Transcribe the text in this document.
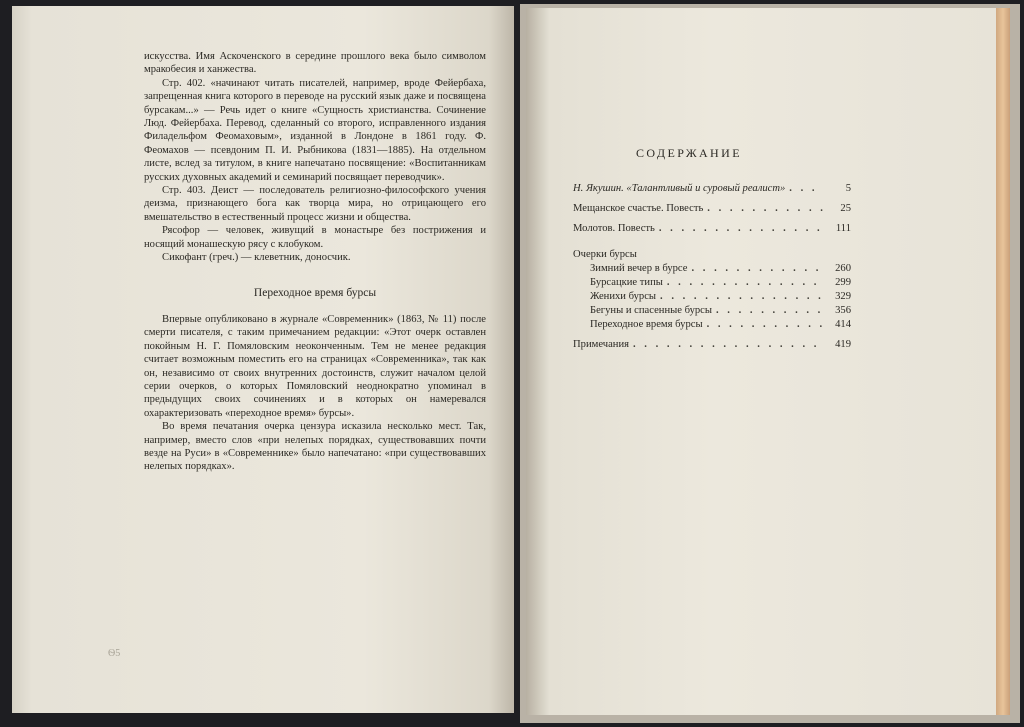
искусства. Имя Аскоченского в середине прошлого века было символом мракобесия и ханжества.

Стр. 402. «начинают читать писателей, например, вроде Фейербаха, запрещенная книга которого в переводе на русский язык даже и посвящена бурсакам...» — Речь идет о книге «Сущность христианства. Сочинение Люд. Фейербаха. Перевод, сделанный со второго, исправленного издания Филадельфом Феомаховым», изданной в Лондоне в 1861 году. Ф. Феомахов — псевдоним П. И. Рыбникова (1831—1885). На отдельном листе, вслед за титулом, в книге напечатано посвящение: «Воспитанникам русских духовных академий и семинарий посвящает переводчик».

Стр. 403. Деист — последователь религиозно-философского учения деизма, признающего бога как творца мира, но отрицающего его вмешательство в естественный процесс жизни и общества.

Рясофор — человек, живущий в монастыре без пострижения и носящий монашескую рясу с клобуком.

Сикофант (греч.) — клеветник, доносчик.

Переходное время бурсы

Впервые опубликовано в журнале «Современник» (1863, № 11) после смерти писателя, с таким примечанием редакции: «Этот очерк оставлен покойным Н. Г. Помяловским неоконченным. Тем не менее редакция считает возможным поместить его на страницах «Современника», так как он, независимо от своих внутренних достоинств, служит началом целой серии очерков, о которых Помяловский неоднократно упоминал в предыдущих своих сочинениях и в которых он намеревался охарактеризовать «переходное время» бурсы».

Во время печатания очерка цензура исказила несколько мест. Так, например, вместо слов «при нелепых порядках, существовавших почти везде на Руси» в «Современнике» было напечатано: «при существовавших нелепых порядках».

Ѳ5
СОДЕРЖАНИЕ
Н. Якушин. «Талантливый и суровый реалист» . . .	5
Мещанское счастье. Повесть . . .	25
Молотов. Повесть . . .	111
Очерки бурсы
Зимний вечер в бурсе . . .	260
Бурсацкие типы . . .	299
Женихи бурсы . . .	329
Бегуны и спасенные бурсы . . .	356
Переходное время бурсы . . .	414
Примечания . . .	419
